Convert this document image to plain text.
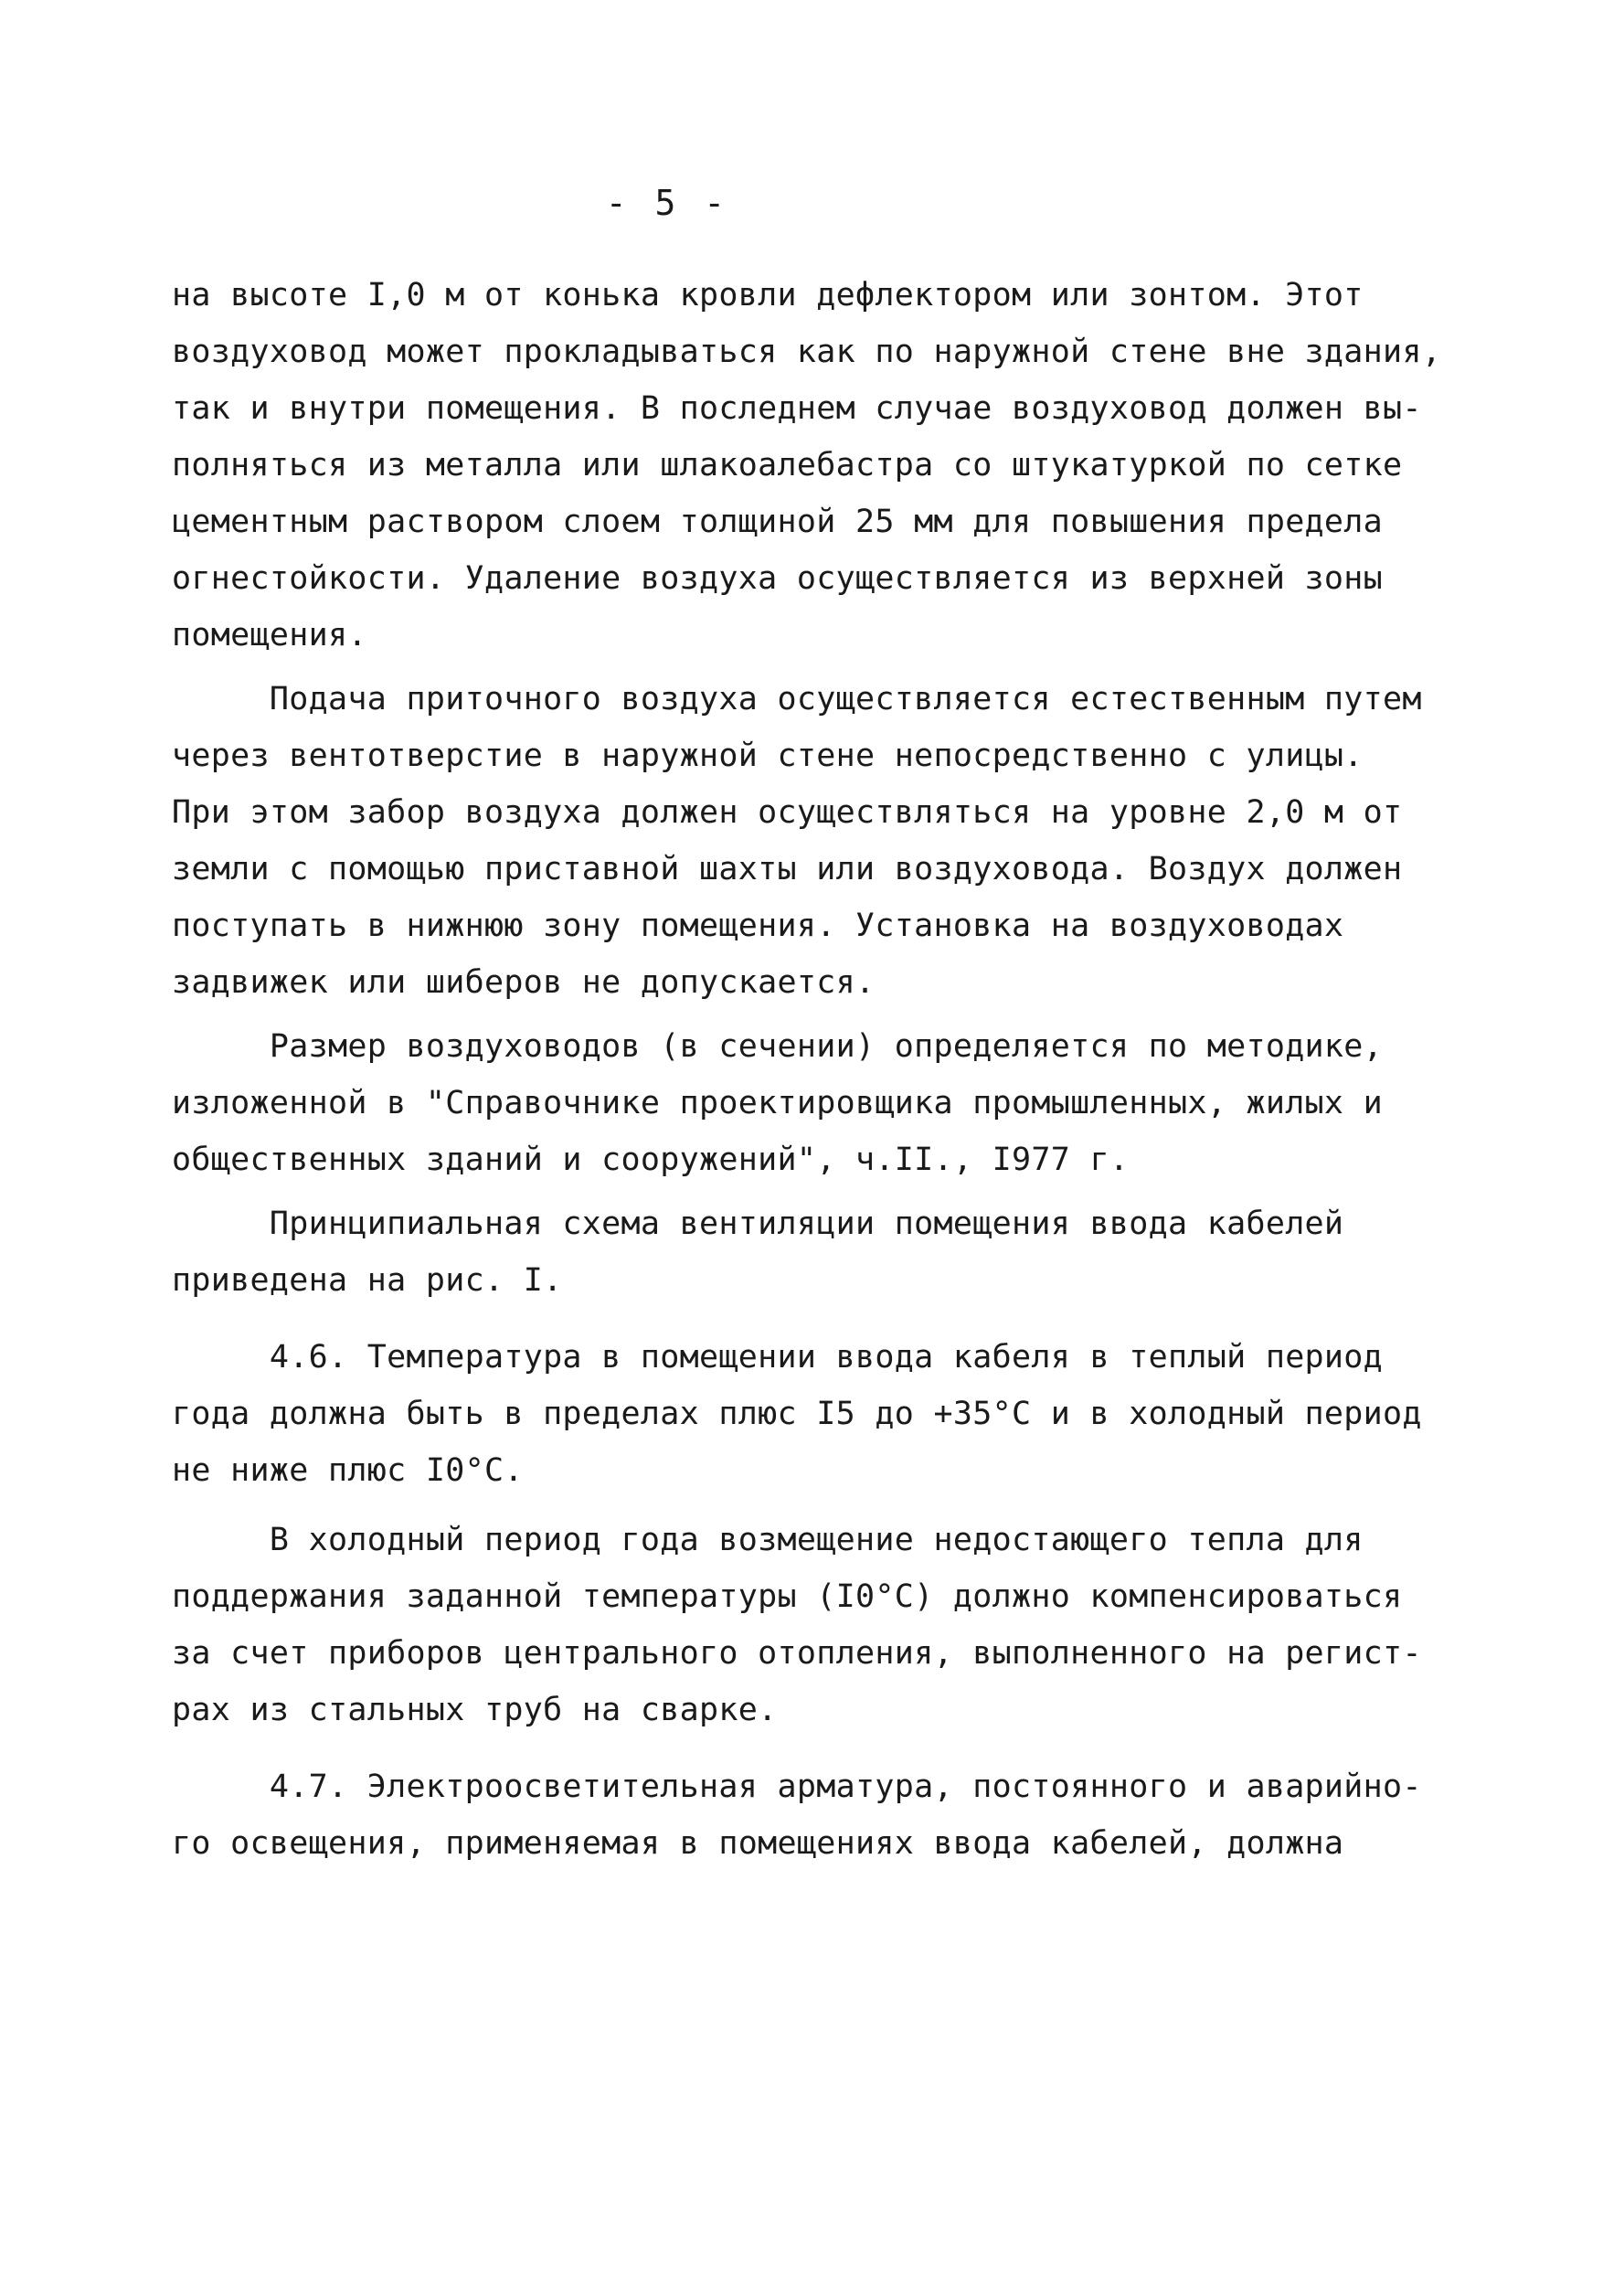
- 5 -
на высоте I,0 м от конька кровли дефлектором или зонтом. Этот
воздуховод может прокладываться как по наружной стене вне здания,
так и внутри помещения. В последнем случае воздуховод должен вы-
полняться из металла или шлакоалебастра со штукатуркой по сетке
цементным раствором слоем толщиной 25 мм для повышения предела
огнестойкости. Удаление воздуха осуществляется из верхней зоны
помещения.
Подача приточного воздуха осуществляется естественным путем
через вентотверстие в наружной стене непосредственно с улицы.
При этом забор воздуха должен осуществляться на уровне 2,0 м от
земли с помощью приставной шахты или воздуховода. Воздух должен
поступать в нижнюю зону помещения. Установка на воздуховодах
задвижек или шиберов не допускается.
Размер воздуховодов (в сечении) определяется по методике,
изложенной в "Справочнике проектировщика промышленных, жилых и
общественных зданий и сооружений", ч.II., I977 г.
Принципиальная схема вентиляции помещения ввода кабелей
приведена на рис. I.
4.6. Температура в помещении ввода кабеля в теплый период
года должна быть в пределах плюс I5 до +35°С и в холодный период
не ниже плюс I0°С.
В холодный период года возмещение недостающего тепла для
поддержания заданной температуры (I0°С) должно компенсироваться
за счет приборов центрального отопления, выполненного на регист-
рах из стальных труб на сварке.
4.7. Электроосветительная арматура, постоянного и аварийно-
го освещения, применяемая в помещениях ввода кабелей, должна
